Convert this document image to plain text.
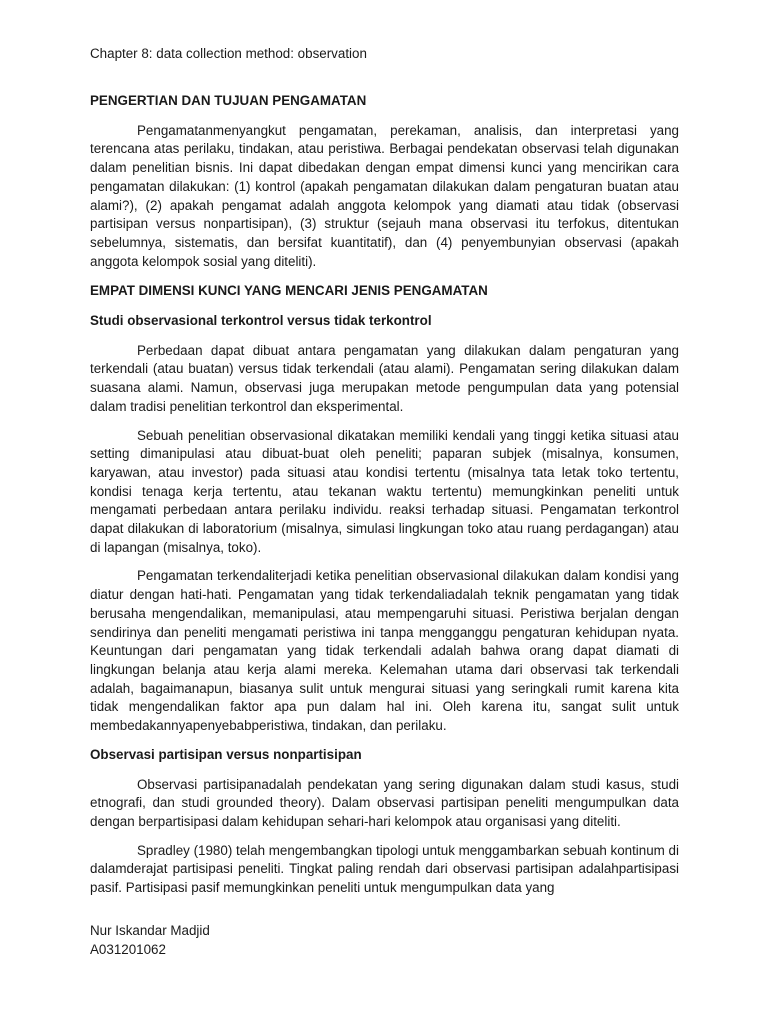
Chapter 8: data collection method: observation
PENGERTIAN DAN TUJUAN PENGAMATAN

Pengamatanmenyangkut pengamatan, perekaman, analisis, dan interpretasi yang terencana atas perilaku, tindakan, atau peristiwa. Berbagai pendekatan observasi telah digunakan dalam penelitian bisnis. Ini dapat dibedakan dengan empat dimensi kunci yang mencirikan cara pengamatan dilakukan: (1) kontrol (apakah pengamatan dilakukan dalam pengaturan buatan atau alami?), (2) apakah pengamat adalah anggota kelompok yang diamati atau tidak (observasi partisipan versus nonpartisipan), (3) struktur (sejauh mana observasi itu terfokus, ditentukan sebelumnya, sistematis, dan bersifat kuantitatif), dan (4) penyembunyian observasi (apakah anggota kelompok sosial yang diteliti).

EMPAT DIMENSI KUNCI YANG MENCARI JENIS PENGAMATAN
Studi observasional terkontrol versus tidak terkontrol

Perbedaan dapat dibuat antara pengamatan yang dilakukan dalam pengaturan yang terkendali (atau buatan) versus tidak terkendali (atau alami). Pengamatan sering dilakukan dalam suasana alami. Namun, observasi juga merupakan metode pengumpulan data yang potensial dalam tradisi penelitian terkontrol dan eksperimental.

Sebuah penelitian observasional dikatakan memiliki kendali yang tinggi ketika situasi atau setting dimanipulasi atau dibuat-buat oleh peneliti; paparan subjek (misalnya, konsumen, karyawan, atau investor) pada situasi atau kondisi tertentu (misalnya tata letak toko tertentu, kondisi tenaga kerja tertentu, atau tekanan waktu tertentu) memungkinkan peneliti untuk mengamati perbedaan antara perilaku individu. reaksi terhadap situasi. Pengamatan terkontrol dapat dilakukan di laboratorium (misalnya, simulasi lingkungan toko atau ruang perdagangan) atau di lapangan (misalnya, toko).

Pengamatan terkendaliterjadi ketika penelitian observasional dilakukan dalam kondisi yang diatur dengan hati-hati. Pengamatan yang tidak terkendaliadalah teknik pengamatan yang tidak berusaha mengendalikan, memanipulasi, atau mempengaruhi situasi. Peristiwa berjalan dengan sendirinya dan peneliti mengamati peristiwa ini tanpa mengganggu pengaturan kehidupan nyata. Keuntungan dari pengamatan yang tidak terkendali adalah bahwa orang dapat diamati di lingkungan belanja atau kerja alami mereka. Kelemahan utama dari observasi tak terkendali adalah, bagaimanapun, biasanya sulit untuk mengurai situasi yang seringkali rumit karena kita tidak mengendalikan faktor apa pun dalam hal ini. Oleh karena itu, sangat sulit untuk membedakannyapenyebabperistiwa, tindakan, dan perilaku.

Observasi partisipan versus nonpartisipan

Observasi partisipanadalah pendekatan yang sering digunakan dalam studi kasus, studi etnografi, dan studi grounded theory). Dalam observasi partisipan peneliti mengumpulkan data dengan berpartisipasi dalam kehidupan sehari-hari kelompok atau organisasi yang diteliti.

Spradley (1980) telah mengembangkan tipologi untuk menggambarkan sebuah kontinum di dalamderajat partisipasi peneliti. Tingkat paling rendah dari observasi partisipan adalahpartisipasi pasif. Partisipasi pasif memungkinkan peneliti untuk mengumpulkan data yang

Nur Iskandar Madjid
A031201062
